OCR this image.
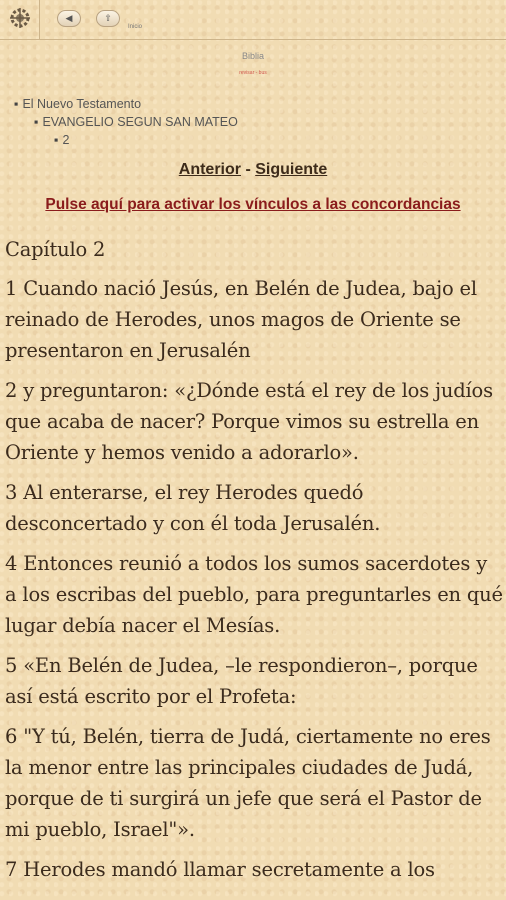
◀	⇧
Inicio
Biblia
revisar - bus
▪ El Nuevo Testamento
▪ EVANGELIO SEGUN SAN MATEO
▪ 2
Anterior - Siguiente
Pulse aquí para activar los vínculos a las concordancias
Capítulo 2

1 Cuando nació Jesús, en Belén de Judea, bajo el reinado de Herodes, unos magos de Oriente se presentaron en Jerusalén

2 y preguntaron: «¿Dónde está el rey de los judíos que acaba de nacer? Porque vimos su estrella en Oriente y hemos venido a adorarlo».

3 Al enterarse, el rey Herodes quedó desconcertado y con él toda Jerusalén.

4 Entonces reunió a todos los sumos sacerdotes y a los escribas del pueblo, para preguntarles en qué lugar debía nacer el Mesías.

5 «En Belén de Judea, –le respondieron–, porque así está escrito por el Profeta:

6 "Y tú, Belén, tierra de Judá, ciertamente no eres la menor entre las principales ciudades de Judá, porque de ti surgirá un jefe que será el Pastor de mi pueblo, Israel"».

7 Herodes mandó llamar secretamente a los
